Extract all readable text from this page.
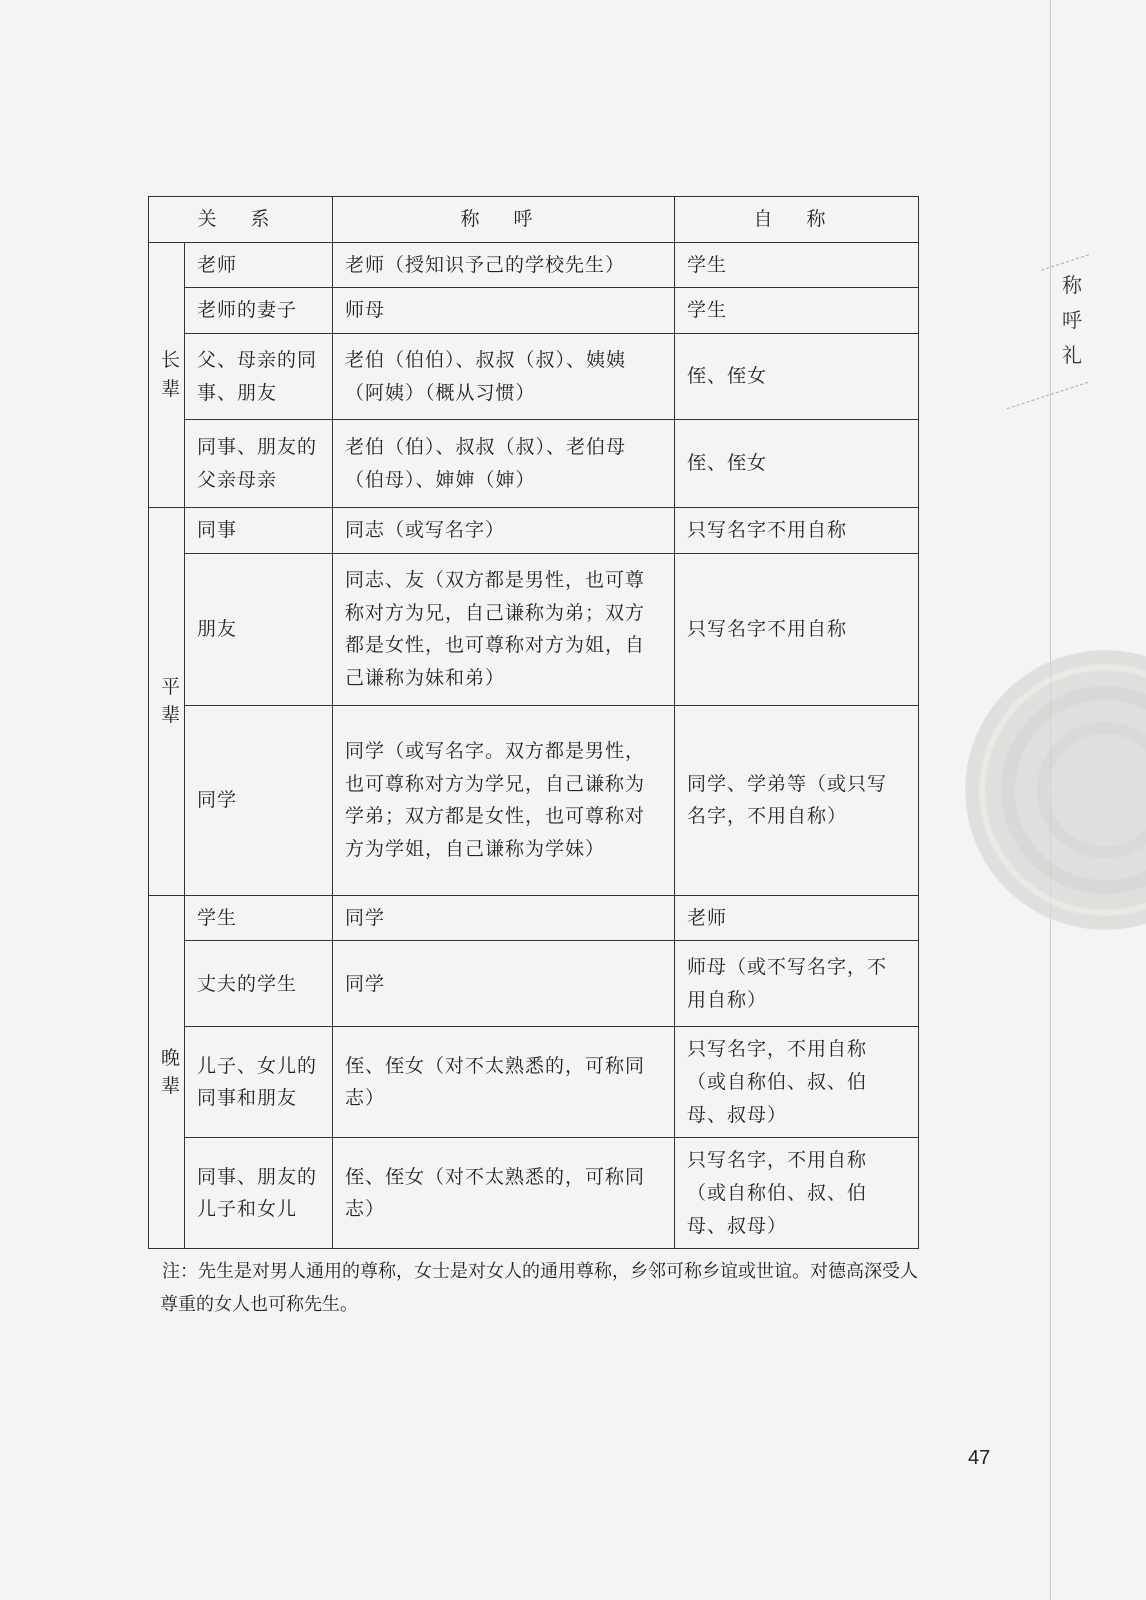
称
呼
礼
关 系		称 呼	自 称

长
辈	老师	老师（授知识予己的学校先生）	学生
	老师的妻子	师母	学生
	父、母亲的同事、朋友	老伯（伯伯）、叔叔（叔）、姨姨（阿姨）（概从习惯）	侄、侄女
	同事、朋友的父亲母亲	老伯（伯）、叔叔（叔）、老伯母（伯母）、婶婶（婶）	侄、侄女

平
辈	同事	同志（或写名字）	只写名字不用自称
	朋友	同志、友（双方都是男性，也可尊称对方为兄，自己谦称为弟；双方都是女性，也可尊称对方为姐，自己谦称为妹和弟）	只写名字不用自称
	同学	同学（或写名字。双方都是男性，也可尊称对方为学兄，自己谦称为学弟；双方都是女性，也可尊称对方为学姐，自己谦称为学妹）	同学、学弟等（或只写名字，不用自称）

晚
辈	学生	同学	老师
	丈夫的学生	同学	师母（或不写名字，不用自称）
	儿子、女儿的同事和朋友	侄、侄女（对不太熟悉的，可称同志）	只写名字，不用自称（或自称伯、叔、伯母、叔母）
	同事、朋友的儿子和女儿	侄、侄女（对不太熟悉的，可称同志）	只写名字，不用自称（或自称伯、叔、伯母、叔母）
注：先生是对男人通用的尊称，女士是对女人的通用尊称，乡邻可称乡谊或世谊。对德高深受人尊重的女人也可称先生。
47
